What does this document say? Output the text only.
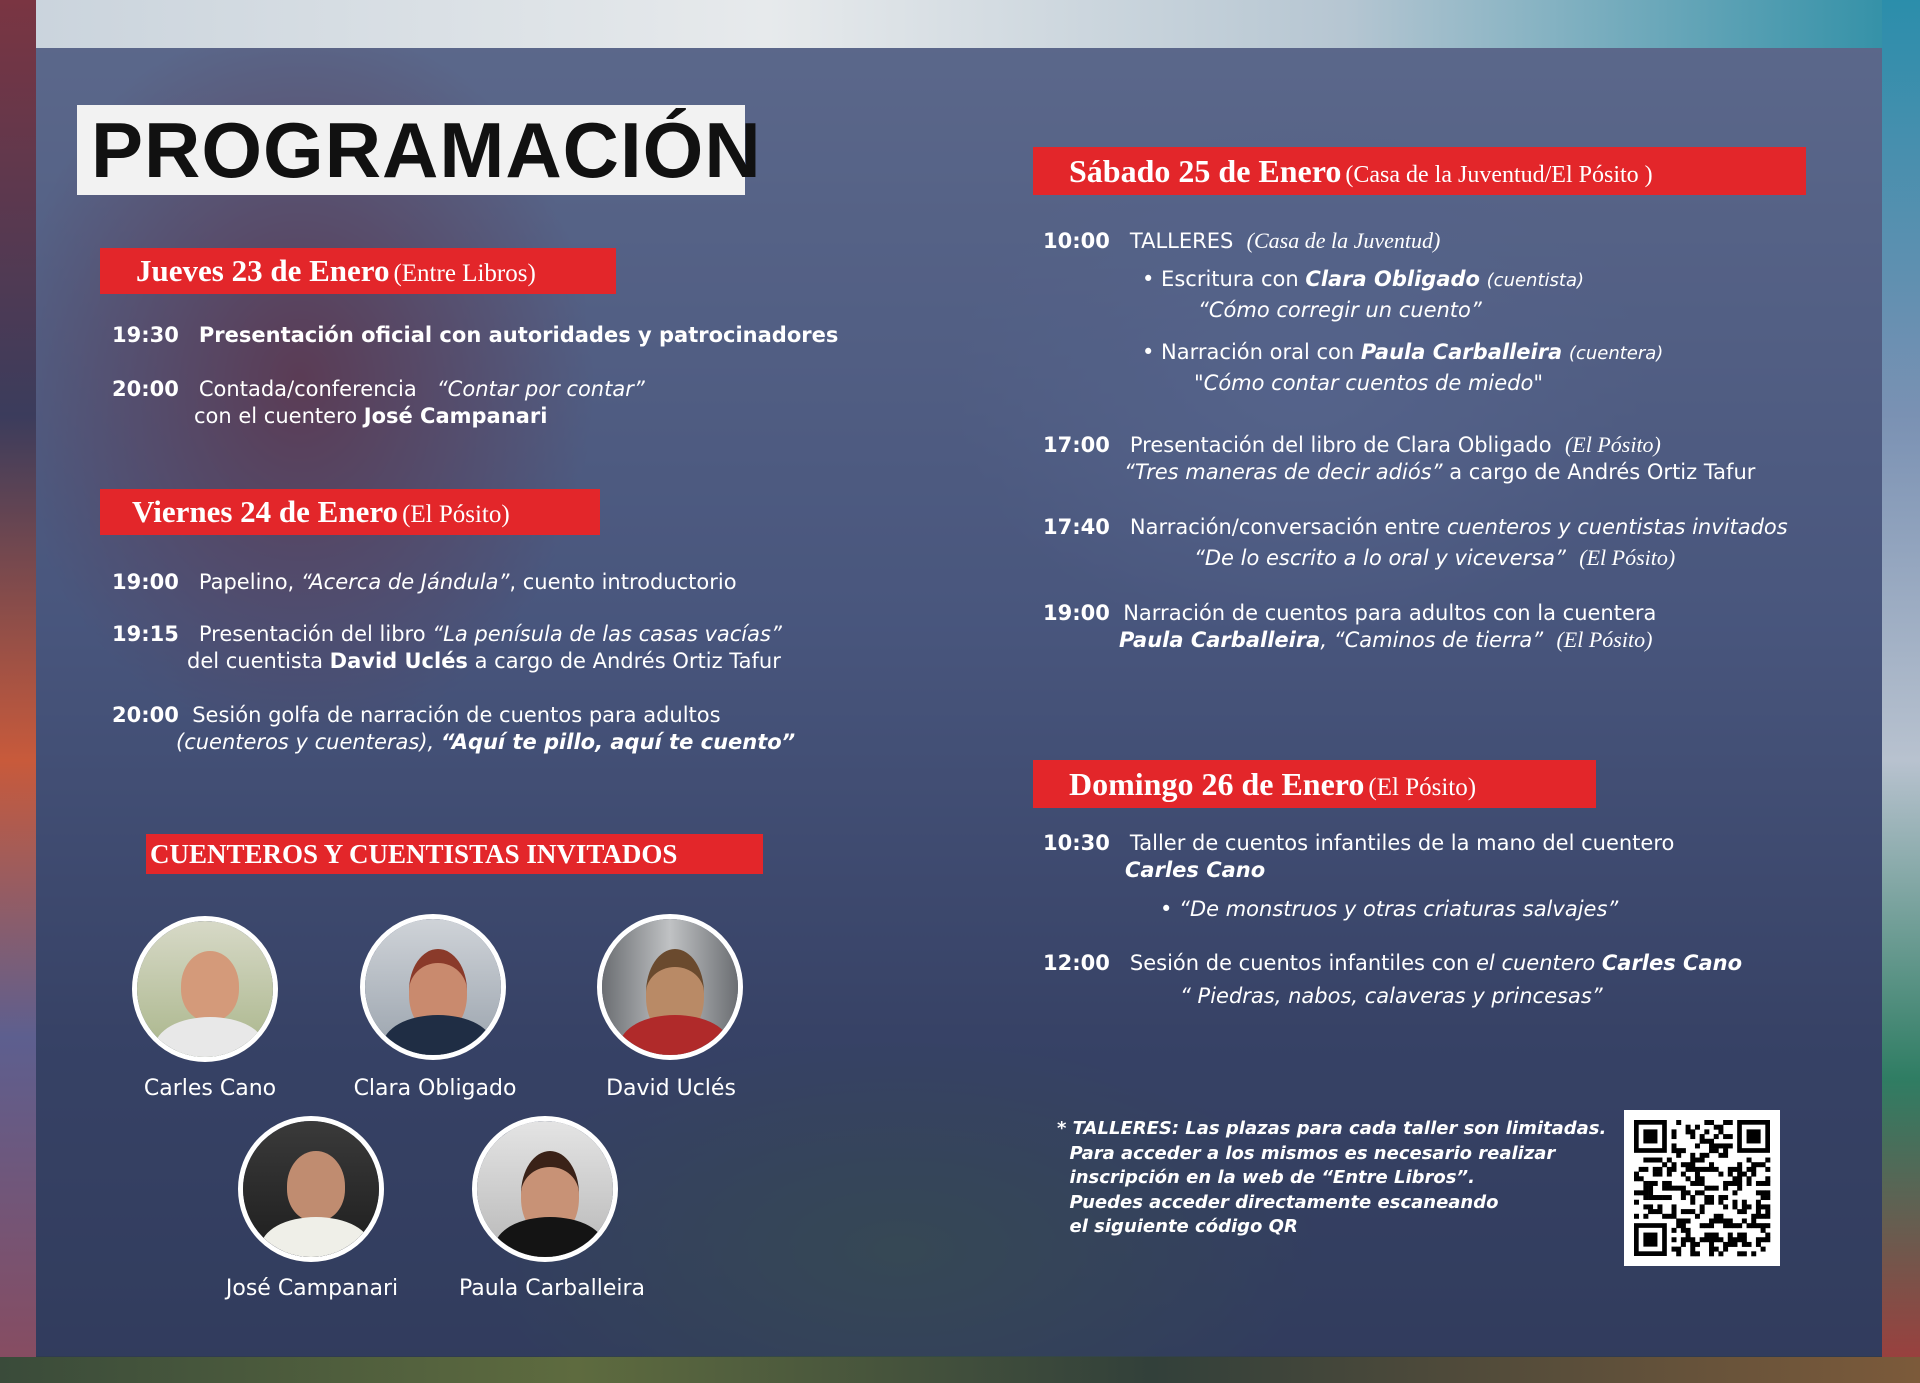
PROGRAMACIÓN
Jueves 23 de Enero (Entre Libros)
19:30 Presentación oficial con autoridades y patrocinadores
20:00 Contada/conferencia “Contar por contar”
con el cuentero José Campanari
Viernes 24 de Enero (El Pósito)
19:00 Papelino, “Acerca de Jándula”, cuento introductorio
19:15 Presentación del libro “La penísula de las casas vacías”
del cuentista David Uclés a cargo de Andrés Ortiz Tafur
20:00 Sesión golfa de narración de cuentos para adultos
(cuenteros y cuenteras), “Aquí te pillo, aquí te cuento”
CUENTEROS Y CUENTISTAS INVITADOS
Carles Cano	Clara Obligado	David Uclés
José Campanari	Paula Carballeira
Sábado 25 de Enero (Casa de la Juventud/El Pósito )
10:00 TALLERES (Casa de la Juventud)
• Escritura con Clara Obligado (cuentista)
“Cómo corregir un cuento”
• Narración oral con Paula Carballeira (cuentera)
"Cómo contar cuentos de miedo"
17:00 Presentación del libro de Clara Obligado (El Pósito)
“Tres maneras de decir adiós” a cargo de Andrés Ortiz Tafur
17:40 Narración/conversación entre cuenteros y cuentistas invitados
“De lo escrito a lo oral y viceversa” (El Pósito)
19:00 Narración de cuentos para adultos con la cuentera
Paula Carballeira, “Caminos de tierra” (El Pósito)
Domingo 26 de Enero (El Pósito)
10:30 Taller de cuentos infantiles de la mano del cuentero
Carles Cano
• “De monstruos y otras criaturas salvajes”
12:00 Sesión de cuentos infantiles con el cuentero Carles Cano
“ Piedras, nabos, calaveras y princesas”
* TALLERES: Las plazas para cada taller son limitadas.
Para acceder a los mismos es necesario realizar
inscripción en la web de “Entre Libros”.
Puedes acceder directamente escaneando
el siguiente código QR
